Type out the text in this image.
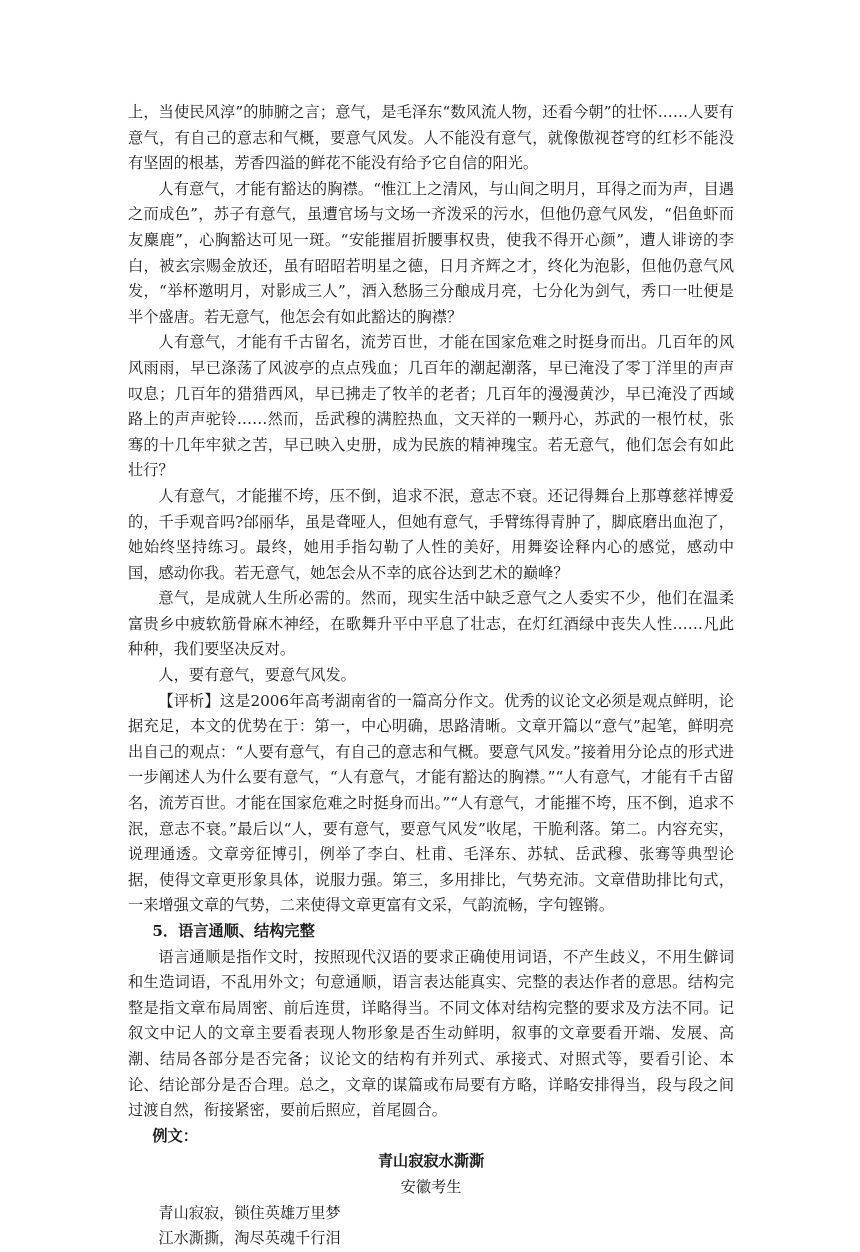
上，当使民风淳”的肺腑之言；意气，是毛泽东“数风流人物，还看今朝”的壮怀……人要有意气，有自己的意志和气概，要意气风发。人不能没有意气，就像傲视苍穹的红杉不能没有坚固的根基，芳香四溢的鲜花不能没有给予它自信的阳光。

人有意气，才能有豁达的胸襟。“惟江上之清风，与山间之明月，耳得之而为声，目遇之而成色”，苏子有意气，虽遭官场与文场一齐泼采的污水，但他仍意气风发，“侣鱼虾而友麋鹿”，心胸豁达可见一斑。“安能摧眉折腰事权贵，使我不得开心颜”，遭人诽谤的李白，被玄宗赐金放还，虽有昭昭若明星之德，日月齐辉之才，终化为泡影，但他仍意气风发，“举杯邀明月，对影成三人”，酒入愁肠三分酿成月亮，七分化为剑气，秀口一吐便是半个盛唐。若无意气，他怎会有如此豁达的胸襟？

人有意气，才能有千古留名，流芳百世，才能在国家危难之时挺身而出。几百年的风风雨雨，早已涤荡了风波亭的点点残血；几百年的潮起潮落，早已淹没了零丁洋里的声声叹息；几百年的猎猎西风，早已拂走了牧羊的老者；几百年的漫漫黄沙，早已淹没了西域路上的声声驼铃……然而，岳武穆的满腔热血，文天祥的一颗丹心，苏武的一根竹杖，张骞的十几年牢狱之苦，早已映入史册，成为民族的精神瑰宝。若无意气，他们怎会有如此壮行？

人有意气，才能摧不垮，压不倒，追求不泯，意志不衰。还记得舞台上那尊慈祥博爱的，千手观音吗?邰丽华，虽是聋哑人，但她有意气，手臂练得青肿了，脚底磨出血泡了，她始终坚持练习。最终，她用手指勾勒了人性的美好，用舞姿诠释内心的感觉，感动中国，感动你我。若无意气，她怎会从不幸的底谷达到艺术的巅峰？

意气，是成就人生所必需的。然而，现实生活中缺乏意气之人委实不少，他们在温柔富贵乡中疲软筋骨麻木神经，在歌舞升平中平息了壮志，在灯红酒绿中丧失人性……凡此种种，我们要坚决反对。

人，要有意气，要意气风发。

【评析】这是2006年高考湖南省的一篇高分作文。优秀的议论文必须是观点鲜明，论据充足，本文的优势在于：第一，中心明确，思路清晰。文章开篇以“意气”起笔，鲜明亮出自己的观点：“人要有意气，有自己的意志和气概。要意气风发。”接着用分论点的形式进一步阐述人为什么要有意气，“人有意气，才能有豁达的胸襟。”“人有意气，才能有千古留名，流芳百世。才能在国家危难之时挺身而出。”“人有意气，才能摧不垮，压不倒，追求不泯，意志不衰。”最后以“人，要有意气，要意气风发”收尾，干脆利落。第二。内容充实，说理通透。文章旁征博引，例举了李白、杜甫、毛泽东、苏轼、岳武穆、张骞等典型论据，使得文章更形象具体，说服力强。第三，多用排比，气势充沛。文章借助排比句式，一来增强文章的气势，二来使得文章更富有文采，气韵流畅，字句铿锵。

5．语言通顺、结构完整

语言通顺是指作文时，按照现代汉语的要求正确使用词语，不产生歧义，不用生僻词和生造词语，不乱用外文；句意通顺，语言表达能真实、完整的表达作者的意思。结构完整是指文章布局周密、前后连贯，详略得当。不同文体对结构完整的要求及方法不同。记叙文中记人的文章主要看表现人物形象是否生动鲜明，叙事的文章要看开端、发展、高潮、结局各部分是否完备；议论文的结构有并列式、承接式、对照式等，要看引论、本论、结论部分是否合理。总之，文章的谋篇或布局要有方略，详略安排得当，段与段之间过渡自然，衔接紧密，要前后照应，首尾圆合。

例文：

青山寂寂水澌澌

安徽考生

青山寂寂，锁住英雄万里梦

江水澌撕，淘尽英魂千行泪
